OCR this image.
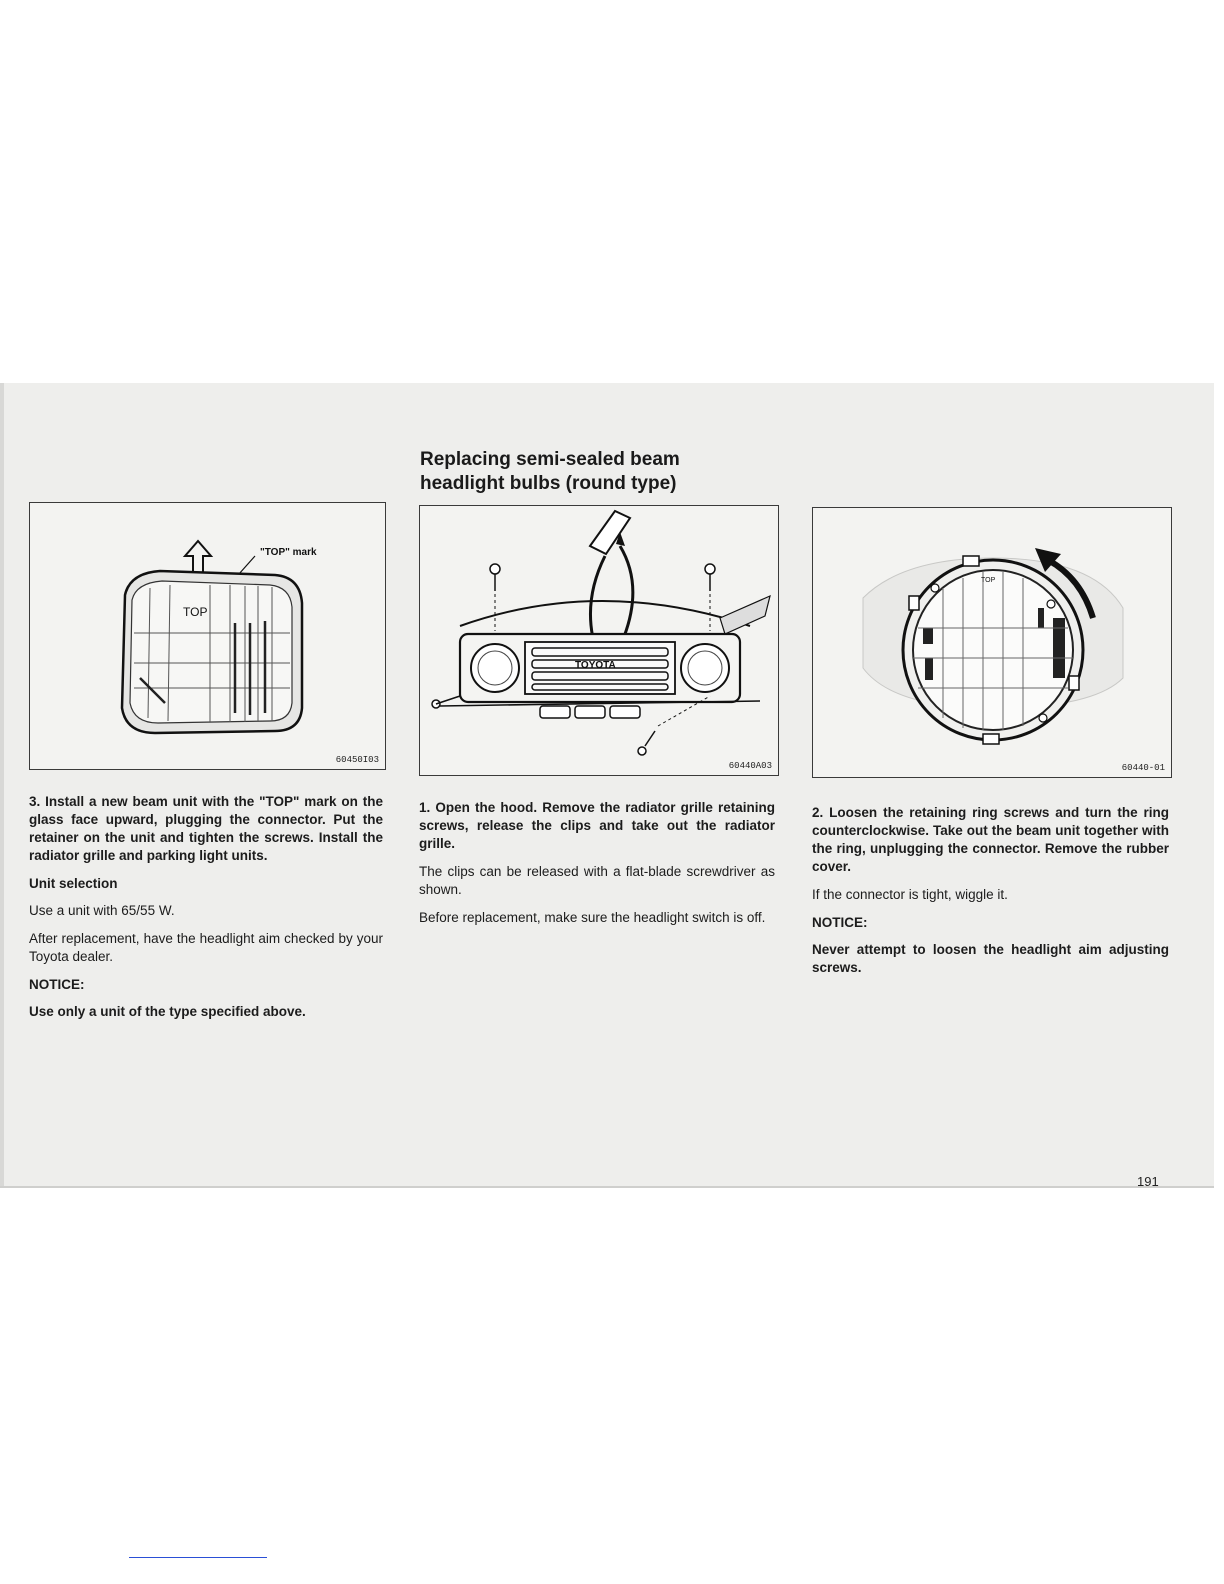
Replacing semi-sealed beam
headlight bulbs (round type)
TOP
"TOP" mark
60450I03
TOYOTA
60440A03
TOP
60440-01

3. Install a new beam unit with the "TOP" mark on the glass face upward, plugging the connector. Put the retainer on the unit and tighten the screws. Install the radiator grille and parking light units.

Unit selection

Use a unit with 65/55 W.

After replacement, have the headlight aim checked by your Toyota dealer.

NOTICE:

Use only a unit of the type specified above.

1. Open the hood. Remove the radiator grille retaining screws, release the clips and take out the radiator grille.

The clips can be released with a flat-blade screwdriver as shown.

Before replacement, make sure the headlight switch is off.

2. Loosen the retaining ring screws and turn the ring counterclockwise. Take out the beam unit together with the ring, unplugging the connector. Remove the rubber cover.

If the connector is tight, wiggle it.

NOTICE:

Never attempt to loosen the headlight aim adjusting screws.

191
